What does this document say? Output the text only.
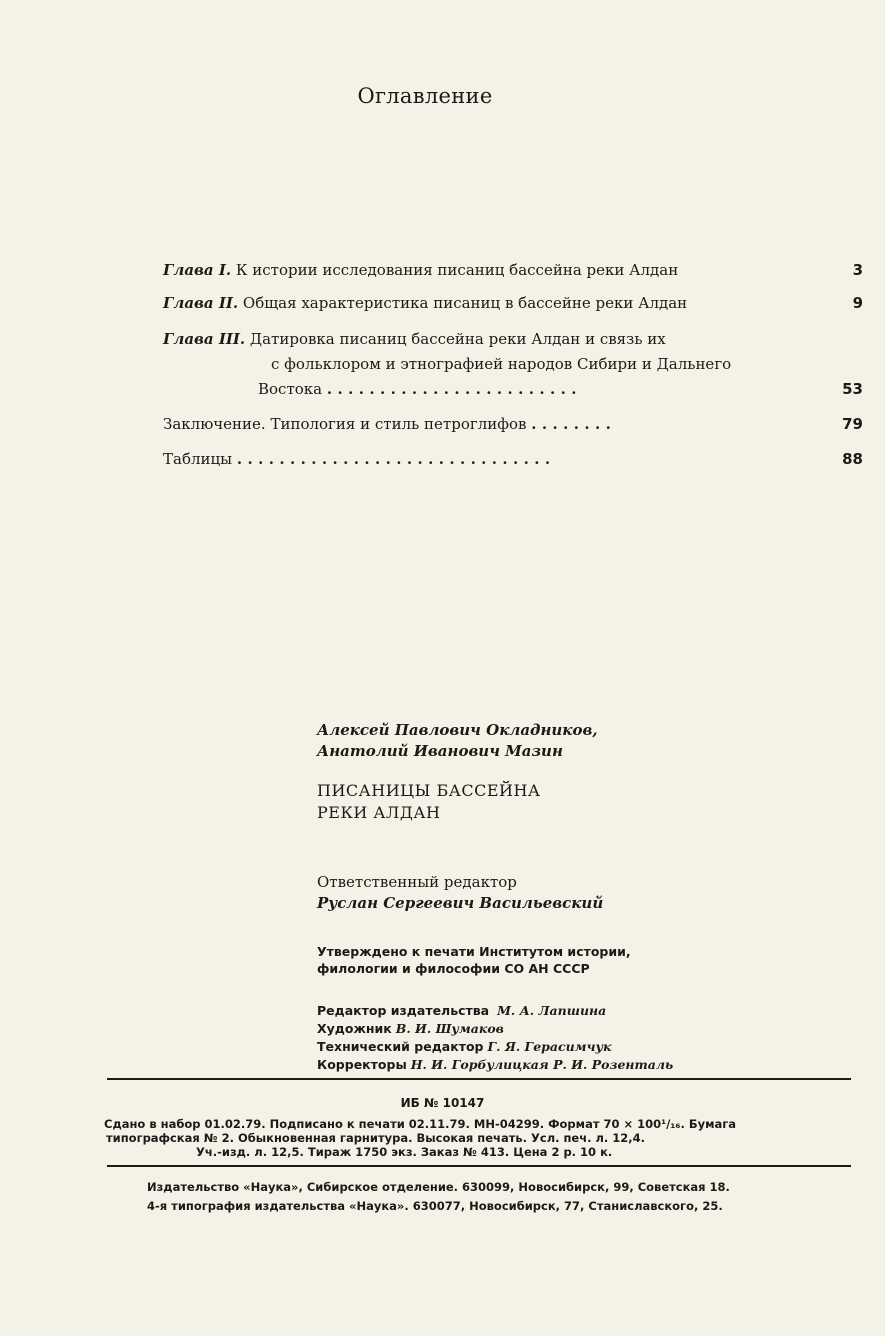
Оглавление
Глава I. К истории исследования писаниц бассейна реки Алдан	3
Глава II. Общая характеристика писаниц в бассейне реки Алдан	9
Глава III. Датировка писаниц бассейна реки Алдан и связь их
с фольклором и этнографией народов Сибири и Дальнего
Востока ........................	53
Заключение. Типология и стиль петроглифов ........	79
Таблицы ..............................	88
Алексей Павлович Окладников,
Анатолий Иванович Мазин
ПИСАНИЦЫ БАССЕЙНА
РЕКИ АЛДАН
Ответственный редактор
Руслан Сергеевич Васильевский
Утверждено к печати Институтом истории,
филологии и философии СО АН СССР
Редактор издательства М. А. Лапшина
Художник В. И. Шумаков
Технический редактор Г. Я. Герасимчук
Корректоры Н. И. Горбулицкая Р. И. Розенталь
ИБ № 10147
Сдано в набор 01.02.79. Подписано к печати 02.11.79. МН-04299. Формат 70 × 100¹/₁₆. Бумага
типографская № 2. Обыкновенная гарнитура. Высокая печать. Усл. печ. л. 12,4.
Уч.-изд. л. 12,5. Тираж 1750 экз. Заказ № 413. Цена 2 р. 10 к.
Издательство «Наука», Сибирское отделение. 630099, Новосибирск, 99, Советская 18.
4-я типография издательства «Наука». 630077, Новосибирск, 77, Станиславского, 25.
